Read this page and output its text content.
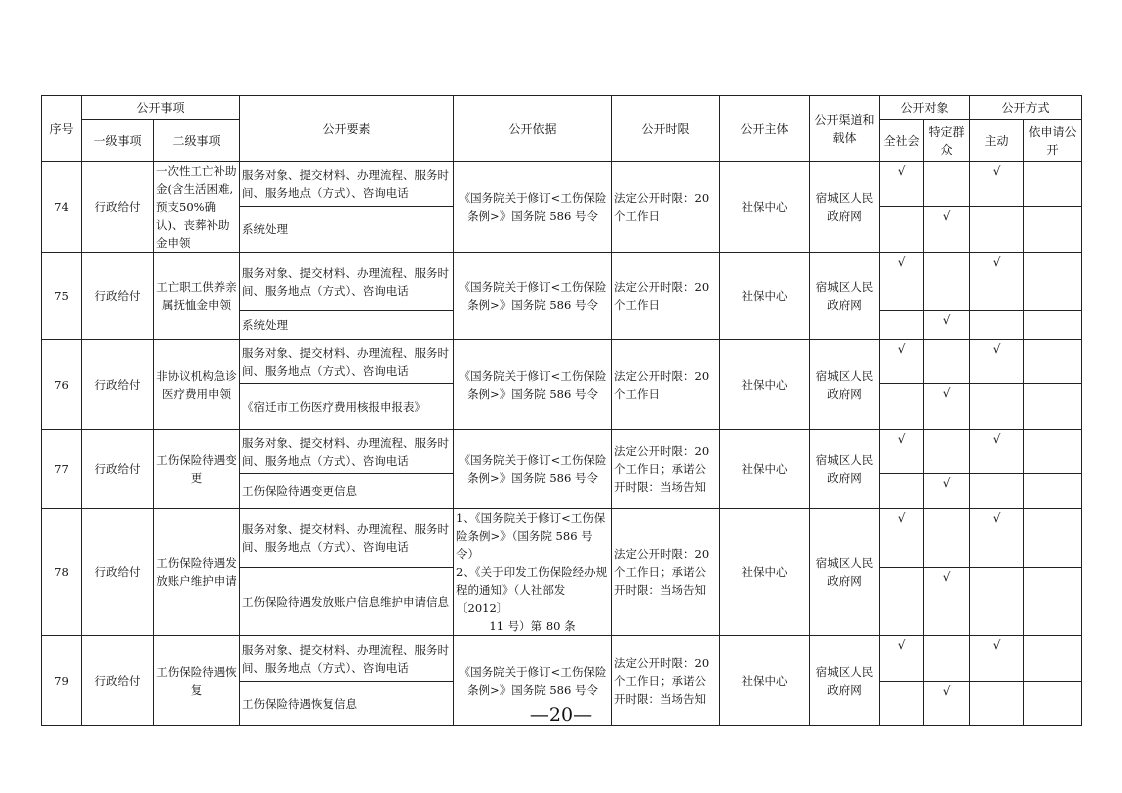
序号	公开事项		公开要素	公开依据	公开时限	公开主体	公开渠道和载体	公开对象		公开方式	
	一级事项	二级事项						全社会	特定群众	主动	依申请公开
74	行政给付	一次性工亡补助金(含生活困难,预支50%确认)、丧葬补助金申领	服务对象、提交材料、办理流程、服务时间、服务地点（方式）、咨询电话	《国务院关于修订<工伤保险条例>》国务院 586 号令	法定公开时限：20个工作日	社保中心	宿城区人民政府网	√		√	
			系统处理						√		
75	行政给付	工亡职工供养亲属抚恤金申领	服务对象、提交材料、办理流程、服务时间、服务地点（方式）、咨询电话	《国务院关于修订<工伤保险条例>》国务院 586 号令	法定公开时限：20个工作日	社保中心	宿城区人民政府网	√		√	
			系统处理						√		
76	行政给付	非协议机构急诊医疗费用申领	服务对象、提交材料、办理流程、服务时间、服务地点（方式）、咨询电话	《国务院关于修订<工伤保险条例>》国务院 586 号令	法定公开时限：20个工作日	社保中心	宿城区人民政府网	√		√	
			《宿迁市工伤医疗费用核报申报表》						√		
77	行政给付	工伤保险待遇变更	服务对象、提交材料、办理流程、服务时间、服务地点（方式）、咨询电话	《国务院关于修订<工伤保险条例>》国务院 586 号令	法定公开时限：20个工作日；承诺公开时限：当场告知	社保中心	宿城区人民政府网	√		√	
			工伤保险待遇变更信息						√		
78	行政给付	工伤保险待遇发放账户维护申请	服务对象、提交材料、办理流程、服务时间、服务地点（方式）、咨询电话	1、《国务院关于修订<工伤保险条例>》（国务院 586 号令）
2、《关于印发工伤保险经办规程的通知》（人社部发〔2012〕
11 号）第 80 条	法定公开时限：20个工作日；承诺公开时限：当场告知	社保中心	宿城区人民政府网	√		√	
			工伤保险待遇发放账户信息维护申请信息						√		
79	行政给付	工伤保险待遇恢复	服务对象、提交材料、办理流程、服务时间、服务地点（方式）、咨询电话	《国务院关于修订<工伤保险条例>》国务院 586 号令	法定公开时限：20个工作日；承诺公开时限：当场告知	社保中心	宿城区人民政府网	√		√	
			工伤保险待遇恢复信息						√		
—20—
